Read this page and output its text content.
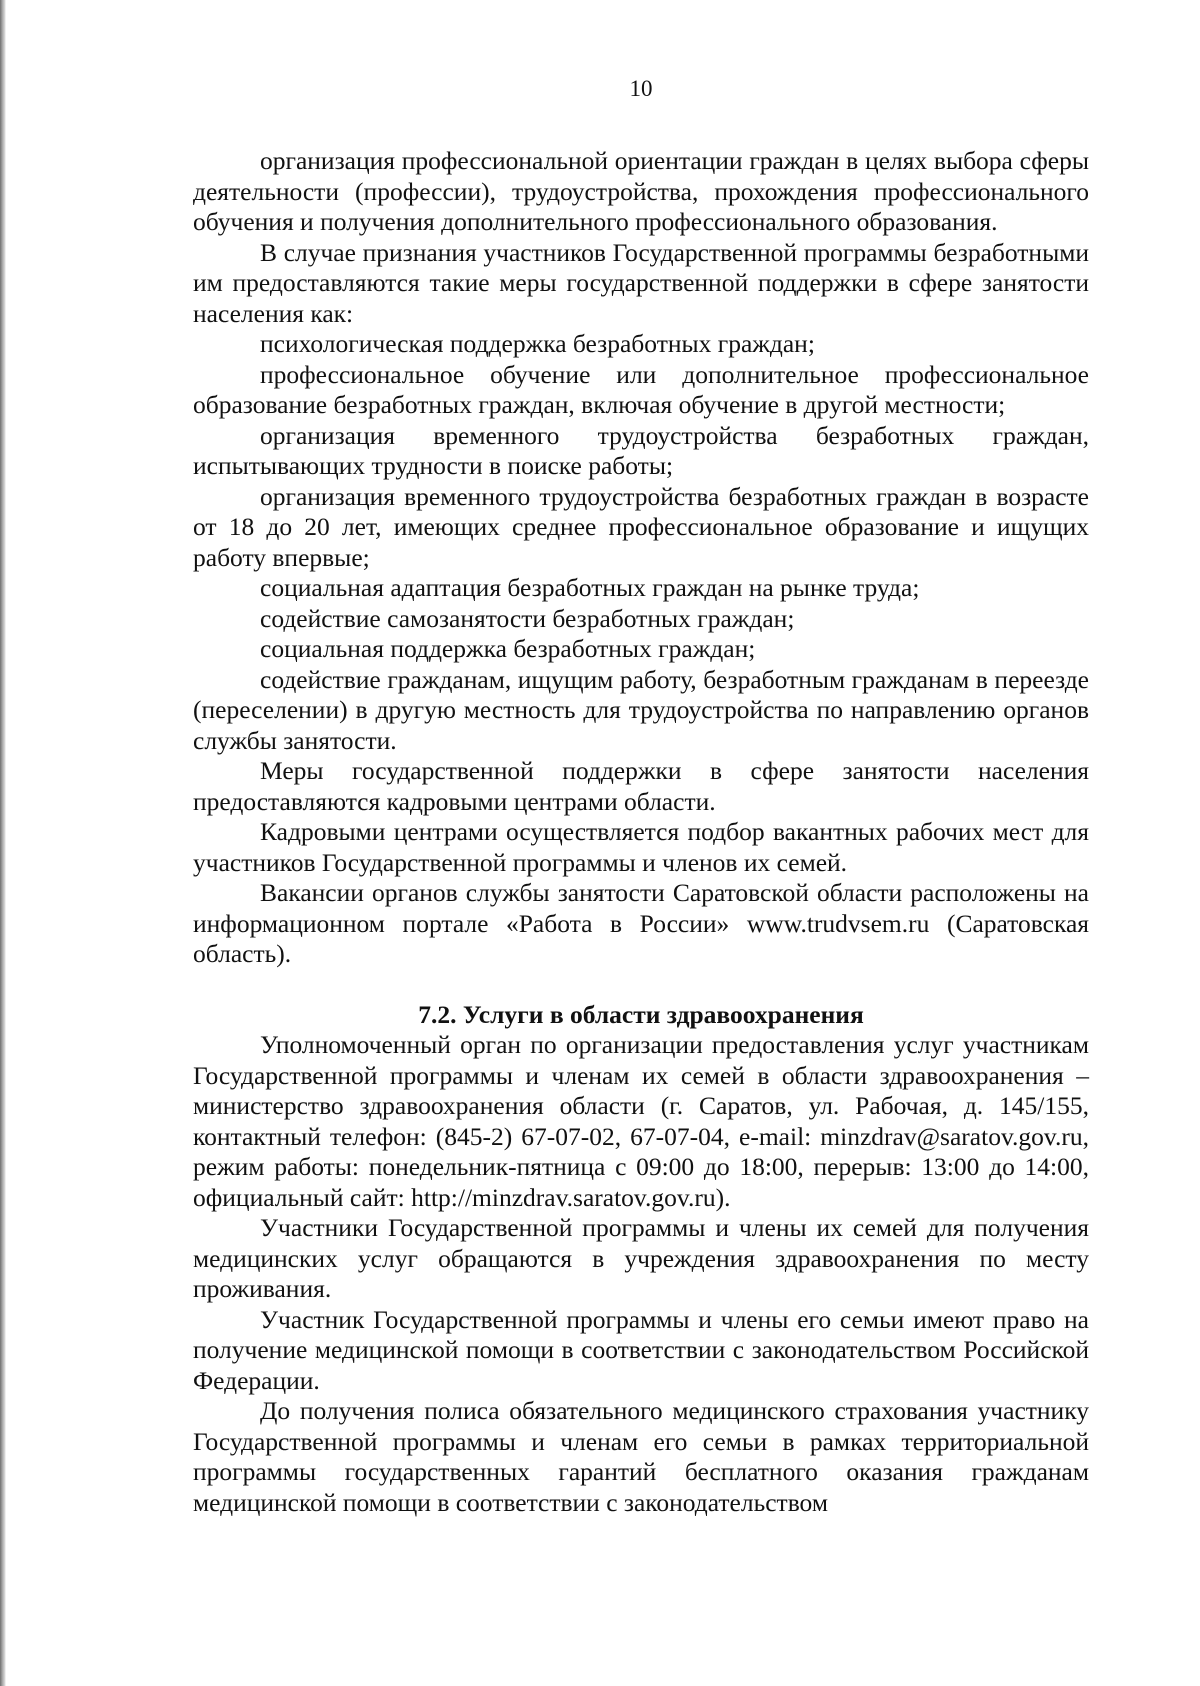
10

организация профессиональной ориентации граждан в целях выбора сферы деятельности (профессии), трудоустройства, прохождения профессионального обучения и получения дополнительного профессионального образования.

В случае признания участников Государственной программы безработными им предоставляются такие меры государственной поддержки в сфере занятости населения как:

психологическая поддержка безработных граждан;

профессиональное обучение или дополнительное профессиональное образование безработных граждан, включая обучение в другой местности;

организация временного трудоустройства безработных граждан, испытывающих трудности в поиске работы;

организация временного трудоустройства безработных граждан в возрасте от 18 до 20 лет, имеющих среднее профессиональное образование и ищущих работу впервые;

социальная адаптация безработных граждан на рынке труда;

содействие самозанятости безработных граждан;

социальная поддержка безработных граждан;

содействие гражданам, ищущим работу, безработным гражданам в переезде (переселении) в другую местность для трудоустройства по направлению органов службы занятости.

Меры государственной поддержки в сфере занятости населения предоставляются кадровыми центрами области.

Кадровыми центрами осуществляется подбор вакантных рабочих мест для участников Государственной программы и членов их семей.

Вакансии органов службы занятости Саратовской области расположены на информационном портале «Работа в России» www.trudvsem.ru (Саратовская область).

7.2. Услуги в области здравоохранения

Уполномоченный орган по организации предоставления услуг участникам Государственной программы и членам их семей в области здравоохранения – министерство здравоохранения области (г. Саратов, ул. Рабочая, д. 145/155, контактный телефон: (845-2) 67-07-02, 67-07-04, e-mail: minzdrav@saratov.gov.ru, режим работы: понедельник-пятница с 09:00 до 18:00, перерыв: 13:00 до 14:00, официальный сайт: http://minzdrav.saratov.gov.ru).

Участники Государственной программы и члены их семей для получения медицинских услуг обращаются в учреждения здравоохранения по месту проживания.

Участник Государственной программы и члены его семьи имеют право на получение медицинской помощи в соответствии с законодательством Российской Федерации.

До получения полиса обязательного медицинского страхования участнику Государственной программы и членам его семьи в рамках территориальной программы государственных гарантий бесплатного оказания гражданам медицинской помощи в соответствии с законодательством
